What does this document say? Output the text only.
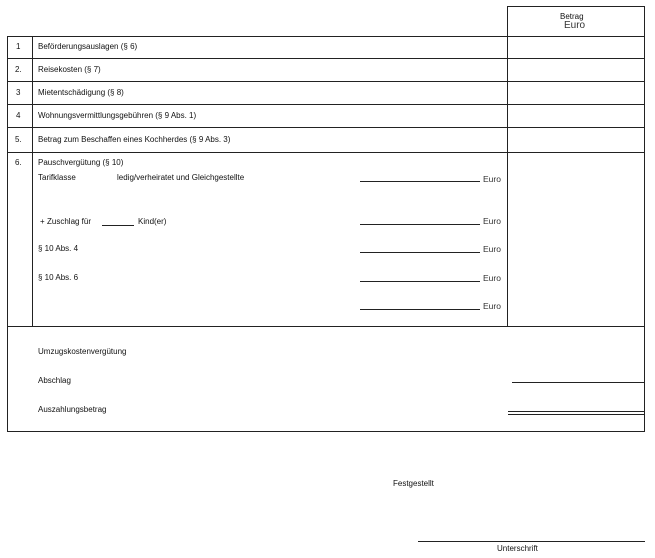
Betrag
Euro
1 Beförderungsauslagen (§ 6)
2. Reisekosten (§ 7)
3 Mietentschädigung (§ 8)
4 Wohnungsvermittlungsgebühren (§ 9 Abs. 1)
5. Betrag zum Beschaffen eines Kochherdes (§ 9 Abs. 3)
6. Pauschvergütung (§ 10)
Tarifklasse	ledig/verheiratet und Gleichgestellte	Euro
+ Zuschlag für	Kind(er)	Euro
§ 10 Abs. 4	Euro
§ 10 Abs. 6	Euro
Euro
Umzugskostenvergütung
Abschlag
Auszahlungsbetrag
Festgestellt
Unterschrift
